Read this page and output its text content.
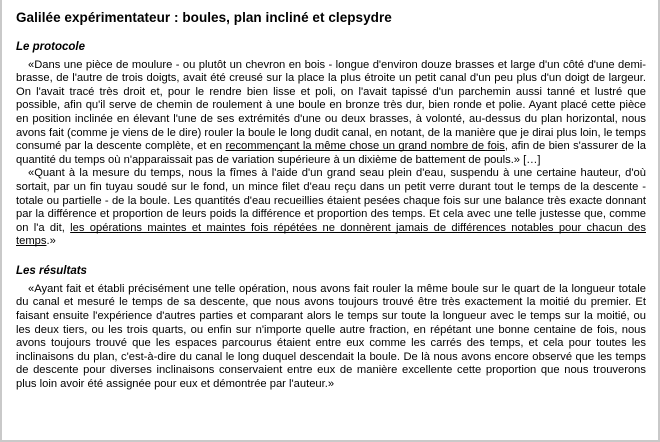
Galilée expérimentateur : boules, plan incliné et clepsydre
Le protocole

«Dans une pièce de moulure - ou plutôt un chevron en bois - longue d'environ douze brasses et large d'un côté d'une demi-brasse, de l'autre de trois doigts, avait été creusé sur la place la plus étroite un petit canal d'un peu plus d'un doigt de largeur. On l'avait tracé très droit et, pour le rendre bien lisse et poli, on l'avait tapissé d'un parchemin aussi tanné et lustré que possible, afin qu'il serve de chemin de roulement à une boule en bronze très dur, bien ronde et polie. Ayant placé cette pièce en position inclinée en élevant l'une de ses extrémités d'une ou deux brasses, à volonté, au-dessus du plan horizontal, nous avons fait (comme je viens de le dire) rouler la boule le long dudit canal, en notant, de la manière que je dirai plus loin, le temps consumé par la descente complète, et en recommençant la même chose un grand nombre de fois, afin de bien s'assurer de la quantité du temps où n'apparaissait pas de variation supérieure à un dixième de battement de pouls.» […]

«Quant à la mesure du temps, nous la fîmes à l'aide d'un grand seau plein d'eau, suspendu à une certaine hauteur, d'où sortait, par un fin tuyau soudé sur le fond, un mince filet d'eau reçu dans un petit verre durant tout le temps de la descente - totale ou partielle - de la boule. Les quantités d'eau recueillies étaient pesées chaque fois sur une balance très exacte donnant par la différence et proportion de leurs poids la différence et proportion des temps. Et cela avec une telle justesse que, comme on l'a dit, les opérations maintes et maintes fois répétées ne donnèrent jamais de différences notables pour chacun des temps.»

Les résultats

«Ayant fait et établi précisément une telle opération, nous avons fait rouler la même boule sur le quart de la longueur totale du canal et mesuré le temps de sa descente, que nous avons toujours trouvé être très exactement la moitié du premier. Et faisant ensuite l'expérience d'autres parties et comparant alors le temps sur toute la longueur avec le temps sur la moitié, ou les deux tiers, ou les trois quarts, ou enfin sur n'importe quelle autre fraction, en répétant une bonne centaine de fois, nous avons toujours trouvé que les espaces parcourus étaient entre eux comme les carrés des temps, et cela pour toutes les inclinaisons du plan, c'est-à-dire du canal le long duquel descendait la boule. De là nous avons encore observé que les temps de descente pour diverses inclinaisons conservaient entre eux de manière excellente cette proportion que nous trouverons plus loin avoir été assignée pour eux et démontrée par l'auteur.»
